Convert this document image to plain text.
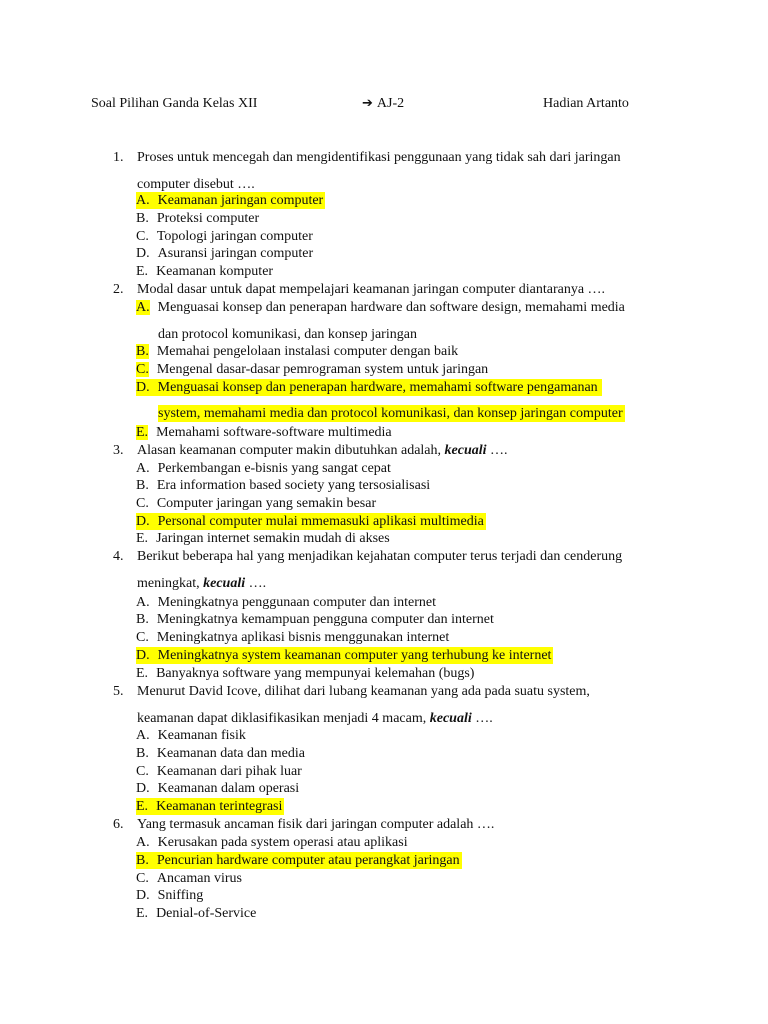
Soal Pilihan Ganda Kelas XII	➔ AJ-2	Hadian Artanto
1. Proses untuk mencegah dan mengidentifikasi penggunaan yang tidak sah dari jaringan
computer disebut ….
A. Keamanan jaringan computer
B. Proteksi computer
C. Topologi jaringan computer
D. Asuransi jaringan computer
E. Keamanan komputer
2. Modal dasar untuk dapat mempelajari keamanan jaringan computer diantaranya ….
A. Menguasai konsep dan penerapan hardware dan software design, memahami media
dan protocol komunikasi, dan konsep jaringan
B. Memahai pengelolaan instalasi computer dengan baik
C. Mengenal dasar-dasar pemrograman system untuk jaringan
D. Menguasai konsep dan penerapan hardware, memahami software pengamanan
system, memahami media dan protocol komunikasi, dan konsep jaringan computer
E. Memahami software-software multimedia
3. Alasan keamanan computer makin dibutuhkan adalah, kecuali ….
A. Perkembangan e-bisnis yang sangat cepat
B. Era information based society yang tersosialisasi
C. Computer jaringan yang semakin besar
D. Personal computer mulai mmemasuki aplikasi multimedia
E. Jaringan internet semakin mudah di akses
4. Berikut beberapa hal yang menjadikan kejahatan computer terus terjadi dan cenderung
meningkat, kecuali ….
A. Meningkatnya penggunaan computer dan internet
B. Meningkatnya kemampuan pengguna computer dan internet
C. Meningkatnya aplikasi bisnis menggunakan internet
D. Meningkatnya system keamanan computer yang terhubung ke internet
E. Banyaknya software yang mempunyai kelemahan (bugs)
5. Menurut David Icove, dilihat dari lubang keamanan yang ada pada suatu system,
keamanan dapat diklasifikasikan menjadi 4 macam, kecuali ….
A. Keamanan fisik
B. Keamanan data dan media
C. Keamanan dari pihak luar
D. Keamanan dalam operasi
E. Keamanan terintegrasi
6. Yang termasuk ancaman fisik dari jaringan computer adalah ….
A. Kerusakan pada system operasi atau aplikasi
B. Pencurian hardware computer atau perangkat jaringan
C. Ancaman virus
D. Sniffing
E. Denial-of-Service
